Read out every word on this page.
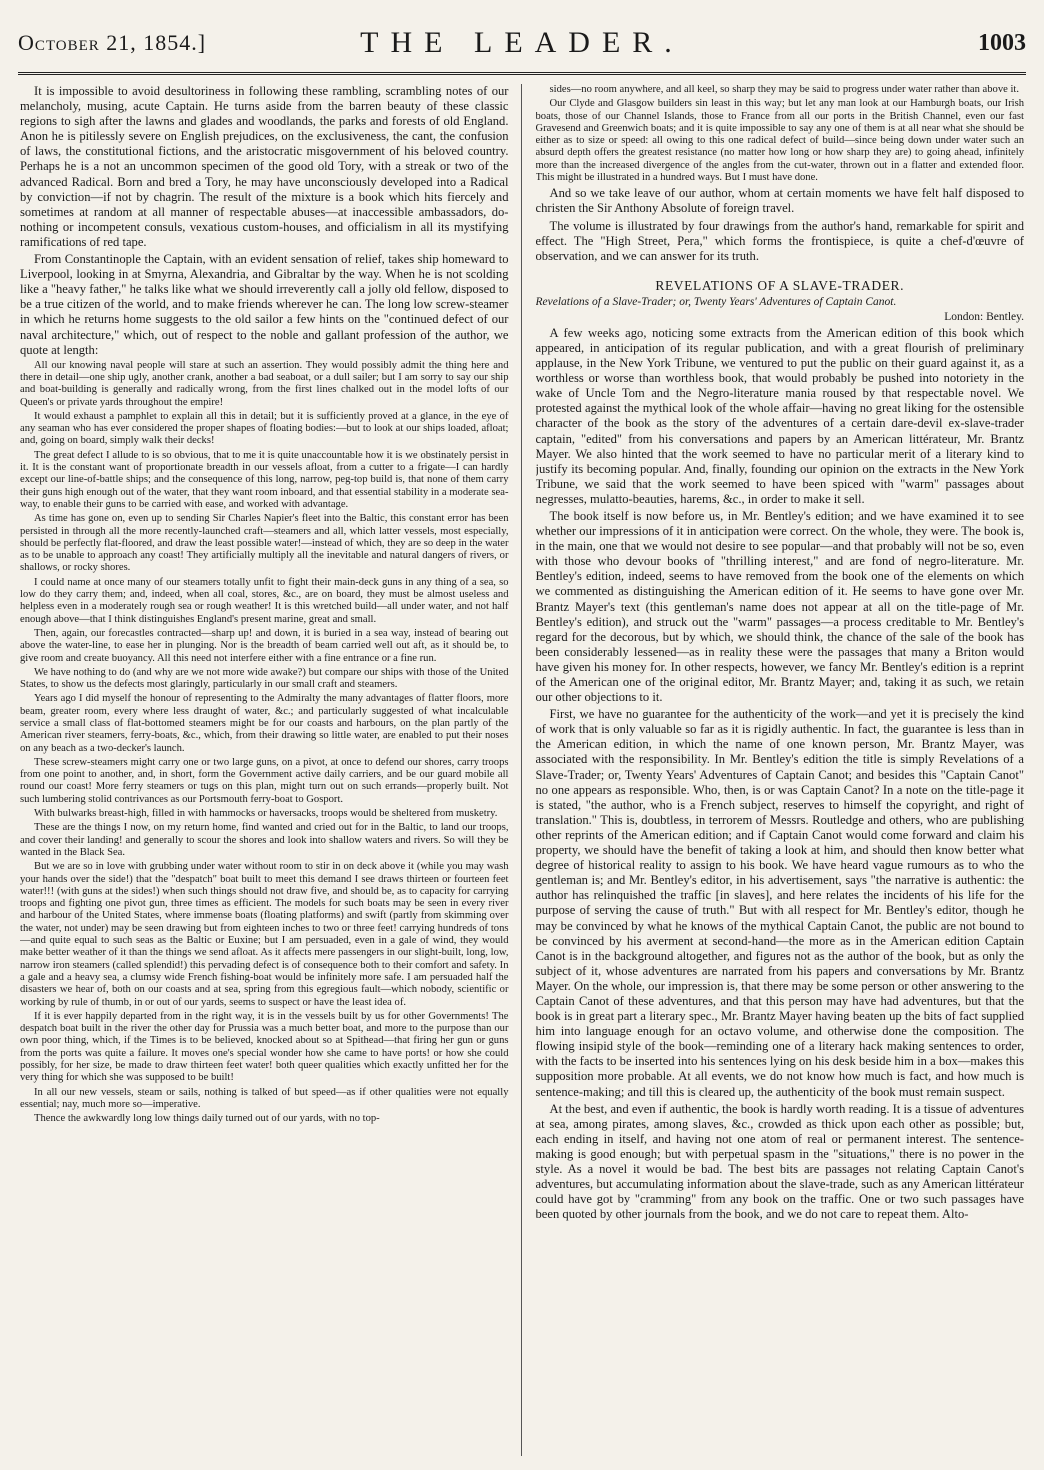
October 21, 1854.]	THE LEADER.	1003

It is impossible to avoid desultoriness in following these rambling, scrambling notes of our melancholy, musing, acute Captain. He turns aside from the barren beauty of these classic regions to sigh after the lawns and glades and woodlands, the parks and forests of old England. Anon he is pitilessly severe on English prejudices, on the exclusiveness, the cant, the confusion of laws, the constitutional fictions, and the aristocratic misgovernment of his beloved country. Perhaps he is a not an uncommon specimen of the good old Tory, with a streak or two of the advanced Radical. Born and bred a Tory, he may have unconsciously developed into a Radical by conviction—if not by chagrin. The result of the mixture is a book which hits fiercely and sometimes at random at all manner of respectable abuses—at inaccessible ambassadors, do-nothing or incompetent consuls, vexatious custom-houses, and officialism in all its mystifying ramifications of red tape.

From Constantinople the Captain, with an evident sensation of relief, takes ship homeward to Liverpool, looking in at Smyrna, Alexandria, and Gibraltar by the way. When he is not scolding like a "heavy father," he talks like what we should irreverently call a jolly old fellow, disposed to be a true citizen of the world, and to make friends wherever he can. The long low screw-steamer in which he returns home suggests to the old sailor a few hints on the "continued defect of our naval architecture," which, out of respect to the noble and gallant profession of the author, we quote at length:

All our knowing naval people will stare at such an assertion. They would possibly admit the thing here and there in detail—one ship ugly, another crank, another a bad seaboat, or a dull sailer; but I am sorry to say our ship and boat-building is generally and radically wrong, from the first lines chalked out in the model lofts of our Queen's or private yards throughout the empire!

It would exhaust a pamphlet to explain all this in detail; but it is sufficiently proved at a glance, in the eye of any seaman who has ever considered the proper shapes of floating bodies:—but to look at our ships loaded, afloat; and, going on board, simply walk their decks!

The great defect I allude to is so obvious, that to me it is quite unaccountable how it is we obstinately persist in it. It is the constant want of proportionate breadth in our vessels afloat, from a cutter to a frigate—I can hardly except our line-of-battle ships; and the consequence of this long, narrow, peg-top build is, that none of them carry their guns high enough out of the water, that they want room inboard, and that essential stability in a moderate sea-way, to enable their guns to be carried with ease, and worked with advantage.

As time has gone on, even up to sending Sir Charles Napier's fleet into the Baltic, this constant error has been persisted in through all the more recently-launched craft—steamers and all, which latter vessels, most especially, should be perfectly flat-floored, and draw the least possible water!—instead of which, they are so deep in the water as to be unable to approach any coast! They artificially multiply all the inevitable and natural dangers of rivers, or shallows, or rocky shores.

I could name at once many of our steamers totally unfit to fight their main-deck guns in any thing of a sea, so low do they carry them; and, indeed, when all coal, stores, &c., are on board, they must be almost useless and helpless even in a moderately rough sea or rough weather! It is this wretched build—all under water, and not half enough above—that I think distinguishes England's present marine, great and small.

Then, again, our forecastles contracted—sharp up! and down, it is buried in a sea way, instead of bearing out above the water-line, to ease her in plunging. Nor is the breadth of beam carried well out aft, as it should be, to give room and create buoyancy. All this need not interfere either with a fine entrance or a fine run.

We have nothing to do (and why are we not more wide awake?) but compare our ships with those of the United States, to show us the defects most glaringly, particularly in our small craft and steamers.

Years ago I did myself the honour of representing to the Admiralty the many advantages of flatter floors, more beam, greater room, every where less draught of water, &c.; and particularly suggested of what incalculable service a small class of flat-bottomed steamers might be for our coasts and harbours, on the plan partly of the American river steamers, ferry-boats, &c., which, from their drawing so little water, are enabled to put their noses on any beach as a two-decker's launch.

These screw-steamers might carry one or two large guns, on a pivot, at once to defend our shores, carry troops from one point to another, and, in short, form the Government active daily carriers, and be our guard mobile all round our coast! More ferry steamers or tugs on this plan, might turn out on such errands—properly built. Not such lumbering stolid contrivances as our Portsmouth ferry-boat to Gosport.

With bulwarks breast-high, filled in with hammocks or haversacks, troops would be sheltered from musketry.

These are the things I now, on my return home, find wanted and cried out for in the Baltic, to land our troops, and cover their landing! and generally to scour the shores and look into shallow waters and rivers. So will they be wanted in the Black Sea.

But we are so in love with grubbing under water without room to stir in on deck above it (while you may wash your hands over the side!) that the "despatch" boat built to meet this demand I see draws thirteen or fourteen feet water!!! (with guns at the sides!) when such things should not draw five, and should be, as to capacity for carrying troops and fighting one pivot gun, three times as efficient. The models for such boats may be seen in every river and harbour of the United States, where immense boats (floating platforms) and swift (partly from skimming over the water, not under) may be seen drawing but from eighteen inches to two or three feet! carrying hundreds of tons—and quite equal to such seas as the Baltic or Euxine; but I am persuaded, even in a gale of wind, they would make better weather of it than the things we send afloat. As it affects mere passengers in our slight-built, long, low, narrow iron steamers (called splendid!) this pervading defect is of consequence both to their comfort and safety. In a gale and a heavy sea, a clumsy wide French fishing-boat would be infinitely more safe. I am persuaded half the disasters we hear of, both on our coasts and at sea, spring from this egregious fault—which nobody, scientific or working by rule of thumb, in or out of our yards, seems to suspect or have the least idea of.

If it is ever happily departed from in the right way, it is in the vessels built by us for other Governments! The despatch boat built in the river the other day for Prussia was a much better boat, and more to the purpose than our own poor thing, which, if the Times is to be believed, knocked about so at Spithead—that firing her gun or guns from the ports was quite a failure. It moves one's special wonder how she came to have ports! or how she could possibly, for her size, be made to draw thirteen feet water! both queer qualities which exactly unfitted her for the very thing for which she was supposed to be built!

In all our new vessels, steam or sails, nothing is talked of but speed—as if other qualities were not equally essential; nay, much more so—imperative.

Thence the awkwardly long low things daily turned out of our yards, with no top-

sides—no room anywhere, and all keel, so sharp they may be said to progress under water rather than above it.

Our Clyde and Glasgow builders sin least in this way; but let any man look at our Hamburgh boats, our Irish boats, those of our Channel Islands, those to France from all our ports in the British Channel, even our fast Gravesend and Greenwich boats; and it is quite impossible to say any one of them is at all near what she should be either as to size or speed: all owing to this one radical defect of build—since being down under water such an absurd depth offers the greatest resistance (no matter how long or how sharp they are) to going ahead, infinitely more than the increased divergence of the angles from the cut-water, thrown out in a flatter and extended floor. This might be illustrated in a hundred ways. But I must have done.

And so we take leave of our author, whom at certain moments we have felt half disposed to christen the Sir Anthony Absolute of foreign travel.

The volume is illustrated by four drawings from the author's hand, remarkable for spirit and effect. The "High Street, Pera," which forms the frontispiece, is quite a chef-d'œuvre of observation, and we can answer for its truth.

REVELATIONS OF A SLAVE-TRADER.

Revelations of a Slave-Trader; or, Twenty Years' Adventures of Captain Canot.

London: Bentley.

A few weeks ago, noticing some extracts from the American edition of this book which appeared, in anticipation of its regular publication, and with a great flourish of preliminary applause, in the New York Tribune, we ventured to put the public on their guard against it, as a worthless or worse than worthless book, that would probably be pushed into notoriety in the wake of Uncle Tom and the Negro-literature mania roused by that respectable novel. We protested against the mythical look of the whole affair—having no great liking for the ostensible character of the book as the story of the adventures of a certain dare-devil ex-slave-trader captain, "edited" from his conversations and papers by an American littérateur, Mr. Brantz Mayer. We also hinted that the work seemed to have no particular merit of a literary kind to justify its becoming popular. And, finally, founding our opinion on the extracts in the New York Tribune, we said that the work seemed to have been spiced with "warm" passages about negresses, mulatto-beauties, harems, &c., in order to make it sell.

The book itself is now before us, in Mr. Bentley's edition; and we have examined it to see whether our impressions of it in anticipation were correct. On the whole, they were. The book is, in the main, one that we would not desire to see popular—and that probably will not be so, even with those who devour books of "thrilling interest," and are fond of negro-literature. Mr. Bentley's edition, indeed, seems to have removed from the book one of the elements on which we commented as distinguishing the American edition of it. He seems to have gone over Mr. Brantz Mayer's text (this gentleman's name does not appear at all on the title-page of Mr. Bentley's edition), and struck out the "warm" passages—a process creditable to Mr. Bentley's regard for the decorous, but by which, we should think, the chance of the sale of the book has been considerably lessened—as in reality these were the passages that many a Briton would have given his money for. In other respects, however, we fancy Mr. Bentley's edition is a reprint of the American one of the original editor, Mr. Brantz Mayer; and, taking it as such, we retain our other objections to it.

First, we have no guarantee for the authenticity of the work—and yet it is precisely the kind of work that is only valuable so far as it is rigidly authentic. In fact, the guarantee is less than in the American edition, in which the name of one known person, Mr. Brantz Mayer, was associated with the responsibility. In Mr. Bentley's edition the title is simply Revelations of a Slave-Trader; or, Twenty Years' Adventures of Captain Canot; and besides this "Captain Canot" no one appears as responsible. Who, then, is or was Captain Canot? In a note on the title-page it is stated, "the author, who is a French subject, reserves to himself the copyright, and right of translation." This is, doubtless, in terrorem of Messrs. Routledge and others, who are publishing other reprints of the American edition; and if Captain Canot would come forward and claim his property, we should have the benefit of taking a look at him, and should then know better what degree of historical reality to assign to his book. We have heard vague rumours as to who the gentleman is; and Mr. Bentley's editor, in his advertisement, says "the narrative is authentic: the author has relinquished the traffic [in slaves], and here relates the incidents of his life for the purpose of serving the cause of truth." But with all respect for Mr. Bentley's editor, though he may be convinced by what he knows of the mythical Captain Canot, the public are not bound to be convinced by his averment at second-hand—the more as in the American edition Captain Canot is in the background altogether, and figures not as the author of the book, but as only the subject of it, whose adventures are narrated from his papers and conversations by Mr. Brantz Mayer. On the whole, our impression is, that there may be some person or other answering to the Captain Canot of these adventures, and that this person may have had adventures, but that the book is in great part a literary spec., Mr. Brantz Mayer having beaten up the bits of fact supplied him into language enough for an octavo volume, and otherwise done the composition. The flowing insipid style of the book—reminding one of a literary hack making sentences to order, with the facts to be inserted into his sentences lying on his desk beside him in a box—makes this supposition more probable. At all events, we do not know how much is fact, and how much is sentence-making; and till this is cleared up, the authenticity of the book must remain suspect.

At the best, and even if authentic, the book is hardly worth reading. It is a tissue of adventures at sea, among pirates, among slaves, &c., crowded as thick upon each other as possible; but, each ending in itself, and having not one atom of real or permanent interest. The sentence-making is good enough; but with perpetual spasm in the "situations," there is no power in the style. As a novel it would be bad. The best bits are passages not relating Captain Canot's adventures, but accumulating information about the slave-trade, such as any American littérateur could have got by "cramming" from any book on the traffic. One or two such passages have been quoted by other journals from the book, and we do not care to repeat them. Alto-
